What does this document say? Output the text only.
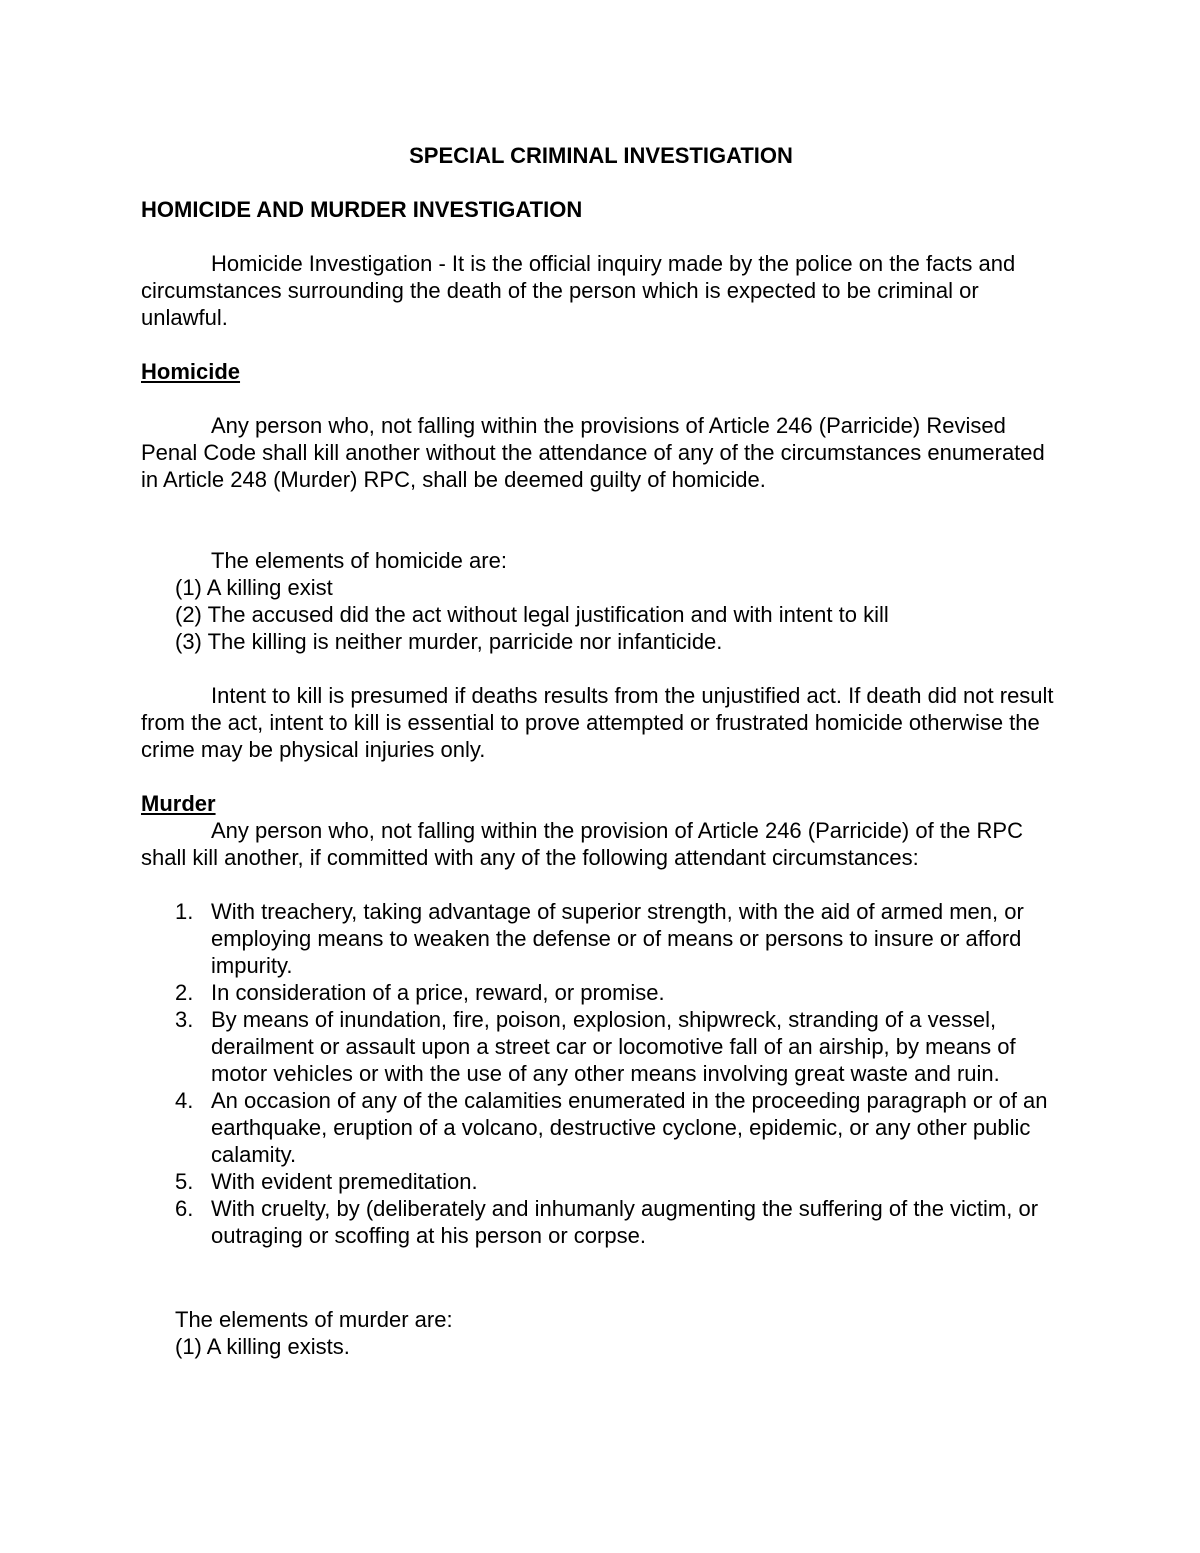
SPECIAL CRIMINAL INVESTIGATION
HOMICIDE AND MURDER INVESTIGATION

Homicide Investigation - It is the official inquiry made by the police on the facts and circumstances surrounding the death of the person which is expected to be criminal or unlawful.

Homicide

Any person who, not falling within the provisions of Article 246 (Parricide) Revised Penal Code shall kill another without the attendance of any of the circumstances enumerated in Article 248 (Murder) RPC, shall be deemed guilty of homicide.

The elements of homicide are:

(1) A killing exist
(2) The accused did the act without legal justification and with intent to kill
(3) The killing is neither murder, parricide nor infanticide.

Intent to kill is presumed if deaths results from the unjustified act. If death did not result from the act, intent to kill is essential to prove attempted or frustrated homicide otherwise the crime may be physical injuries only.

Murder

Any person who, not falling within the provision of Article 246 (Parricide) of the RPC shall kill another, if committed with any of the following attendant circumstances:

1. With treachery, taking advantage of superior strength, with the aid of armed men, or employing means to weaken the defense or of means or persons to insure or afford impurity.
2. In consideration of a price, reward, or promise.
3. By means of inundation, fire, poison, explosion, shipwreck, stranding of a vessel, derailment or assault upon a street car or locomotive fall of an airship, by means of motor vehicles or with the use of any other means involving great waste and ruin.
4. An occasion of any of the calamities enumerated in the proceeding paragraph or of an earthquake, eruption of a volcano, destructive cyclone, epidemic, or any other public calamity.
5. With evident premeditation.
6. With cruelty, by (deliberately and inhumanly augmenting the suffering of the victim, or outraging or scoffing at his person or corpse.

The elements of murder are:

(1) A killing exists.
